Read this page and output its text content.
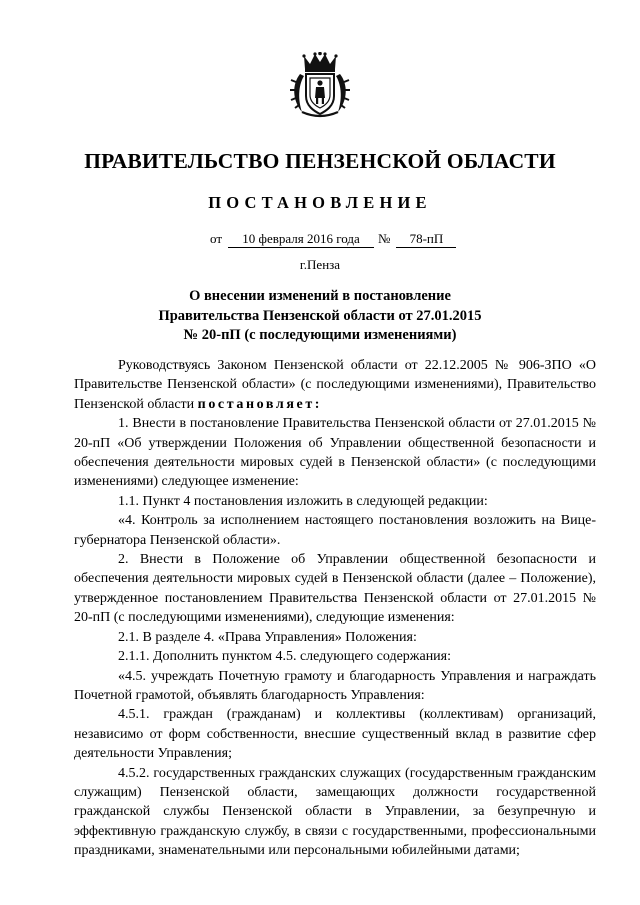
ПРАВИТЕЛЬСТВО ПЕНЗЕНСКОЙ ОБЛАСТИ
ПОСТАНОВЛЕНИЕ
от 10 февраля 2016 года № 78-пП
г.Пенза
О внесении изменений в постановление
Правительства Пензенской области от 27.01.2015
№ 20-пП (с последующими изменениями)

Руководствуясь Законом Пензенской области от 22.12.2005 № 906-ЗПО «О Правительстве Пензенской области» (с последующими изменениями), Правительство Пензенской области постановляет:

1. Внести в постановление Правительства Пензенской области от 27.01.2015 № 20-пП «Об утверждении Положения об Управлении общественной безопасности и обеспечения деятельности мировых судей в Пензенской области» (с последующими изменениями) следующее изменение:

1.1. Пункт 4 постановления изложить в следующей редакции:

«4. Контроль за исполнением настоящего постановления возложить на Вице-губернатора Пензенской области».

2. Внести в Положение об Управлении общественной безопасности и обеспечения деятельности мировых судей в Пензенской области (далее – Положение), утвержденное постановлением Правительства Пензенской области от 27.01.2015 № 20-пП (с последующими изменениями), следующие изменения:

2.1. В разделе 4. «Права Управления» Положения:

2.1.1. Дополнить пунктом 4.5. следующего содержания:

«4.5. учреждать Почетную грамоту и благодарность Управления и награждать Почетной грамотой, объявлять благодарность Управления:

4.5.1. граждан (гражданам) и коллективы (коллективам) организаций, независимо от форм собственности, внесшие существенный вклад в развитие сфер деятельности Управления;

4.5.2. государственных гражданских служащих (государственным гражданским служащим) Пензенской области, замещающих должности государственной гражданской службы Пензенской области в Управлении, за безупречную и эффективную гражданскую службу, в связи с государственными, профессиональными праздниками, знаменательными или персональными юбилейными датами;
